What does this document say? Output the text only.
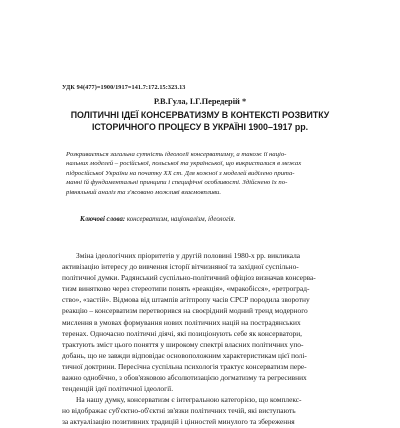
УДК 94(477)=1900/1917=141.7:172.15:323.13
Р.В.Гула, І.Г.Передерій *
ПОЛІТИЧНІ ІДЕЇ КОНСЕРВАТИЗМУ В КОНТЕКСТІ РОЗВИТКУ
ІСТОРИЧНОГО ПРОЦЕСУ В УКРАЇНІ 1900–1917 рр.
Розкривається загальна сутність ідеології консерватизму, а також її націо-
нальних моделей – російської, польської та української, що викристалися в межах
підросійської України на початку ХХ ст. Для кожної з моделей виділено прита-
манні їй фундаментальні принципи і специфічні особливості. Здійснено їх по-
рівняльний аналіз та з'ясовано можливі взаємовпливи.
Ключові слова: консерватизм, націоналізм, ідеологія.
Зміна ідеологічних пріоритетів у другій половині 1980-х рр. викликала
активізацію інтересу до вивчення історії вітчизняної та західної суспільно-
політичної думки. Радянський суспільно-політичний офіціоз визначав консерва-
тизм винятково через стереотипи понять «реакція», «мракобісся», «ретроград-
ство», «застій». Відмова від штампів агітпропу часів СРСР породила зворотну
реакцію – консерватизм перетворився на своєрідний модний тренд модерного
мислення в умовах формування нових політичних націй на пострадянських
теренах. Одночасно політичні діячі, які позиціонують себе як консерватори,
трактують зміст цього поняття у широкому спектрі власних політичних упо-
добань, що не завжди відповідає основоположним характеристикам цієї полі-
тичної доктрини. Пересічна суспільна психологія трактує консерватизм пере-
важно однобічно, з обов'язковою абсолютизацією догматизму та регресивних
тенденцій ідеї політичної ідеології.
На нашу думку, консерватизм є інтегральною категорією, що комплекс-
но відображає суб'єктно-об'єктні зв'язки політичних течій, які виступають
за актуалізацію позитивних традицій і цінностей минулого та збереження
